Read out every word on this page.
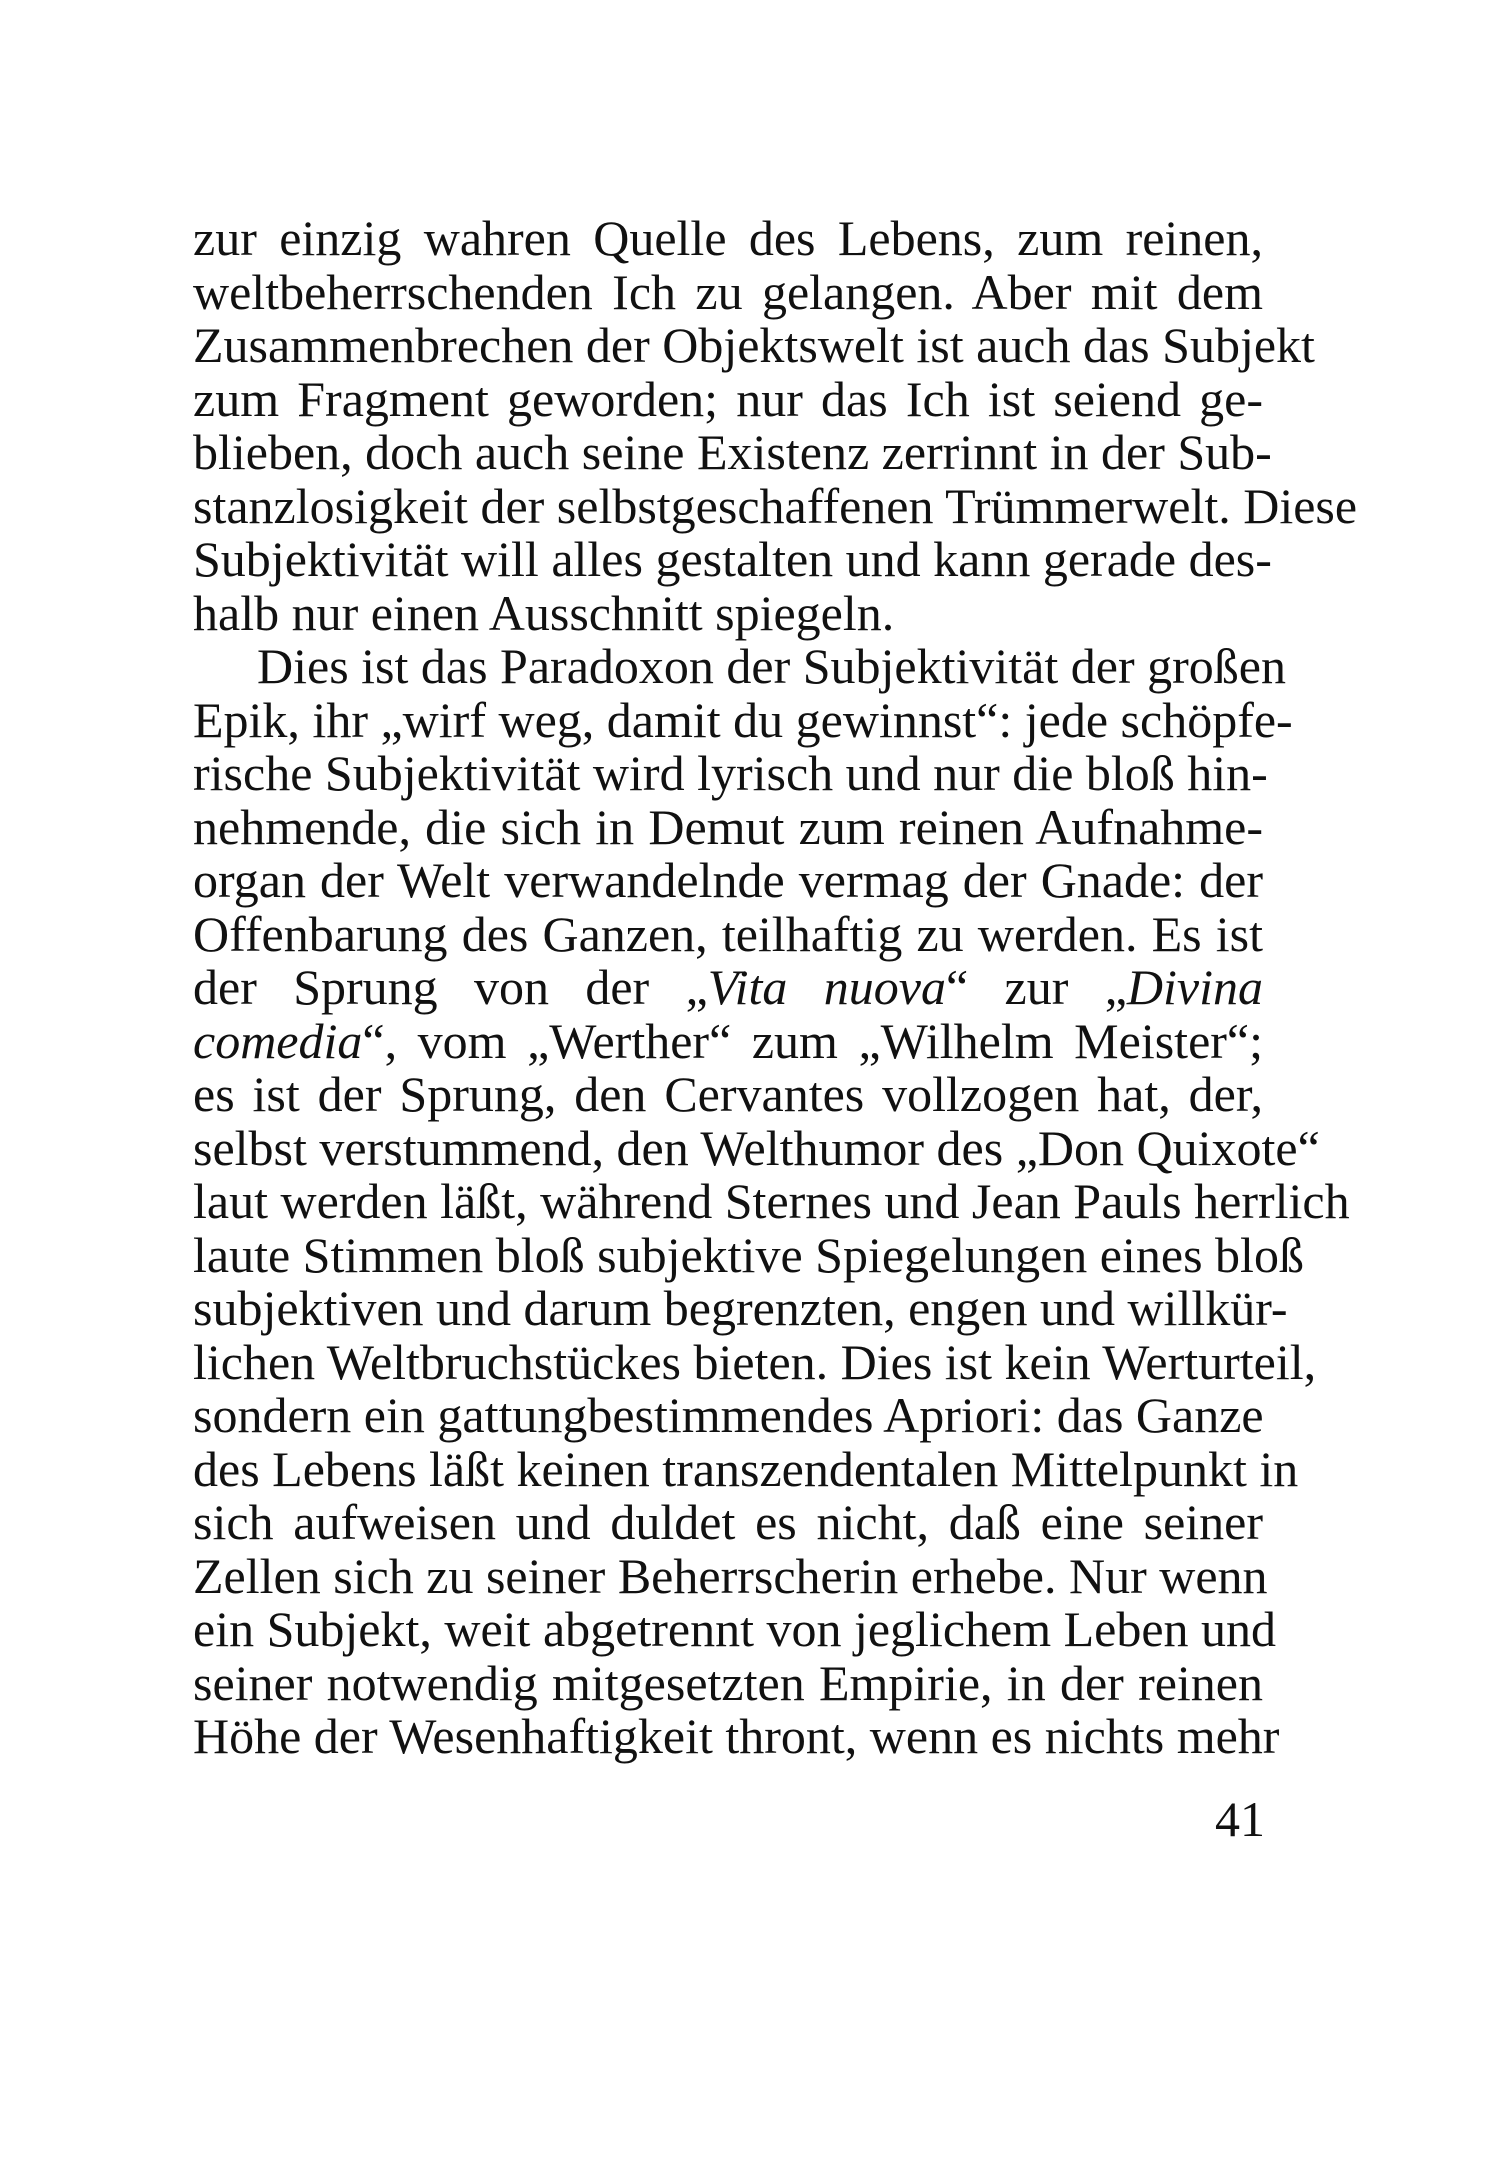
zur einzig wahren Quelle des Lebens, zum reinen,
weltbeherrschenden Ich zu gelangen. Aber mit dem
Zusammenbrechen der Objektswelt ist auch das Subjekt
zum Fragment geworden; nur das Ich ist seiend ge-
blieben, doch auch seine Existenz zerrinnt in der Sub-
stanzlosigkeit der selbstgeschaffenen Trümmerwelt. Diese
Subjektivität will alles gestalten und kann gerade des-
halb nur einen Ausschnitt spiegeln.
Dies ist das Paradoxon der Subjektivität der großen
Epik, ihr „wirf weg, damit du gewinnst“: jede schöpfe-
rische Subjektivität wird lyrisch und nur die bloß hin-
nehmende, die sich in Demut zum reinen Aufnahme-
organ der Welt verwandelnde vermag der Gnade: der
Offenbarung des Ganzen, teilhaftig zu werden. Es ist
der Sprung von der „Vita nuova“ zur „Divina
comedia“, vom „Werther“ zum „Wilhelm Meister“;
es ist der Sprung, den Cervantes vollzogen hat, der,
selbst verstummend, den Welthumor des „Don Quixote“
laut werden läßt, während Sternes und Jean Pauls herrlich
laute Stimmen bloß subjektive Spiegelungen eines bloß
subjektiven und darum begrenzten, engen und willkür-
lichen Weltbruchstückes bieten. Dies ist kein Werturteil,
sondern ein gattungbestimmendes Apriori: das Ganze
des Lebens läßt keinen transzendentalen Mittelpunkt in
sich aufweisen und duldet es nicht, daß eine seiner
Zellen sich zu seiner Beherrscherin erhebe. Nur wenn
ein Subjekt, weit abgetrennt von jeglichem Leben und
seiner notwendig mitgesetzten Empirie, in der reinen
Höhe der Wesenhaftigkeit thront, wenn es nichts mehr
41
